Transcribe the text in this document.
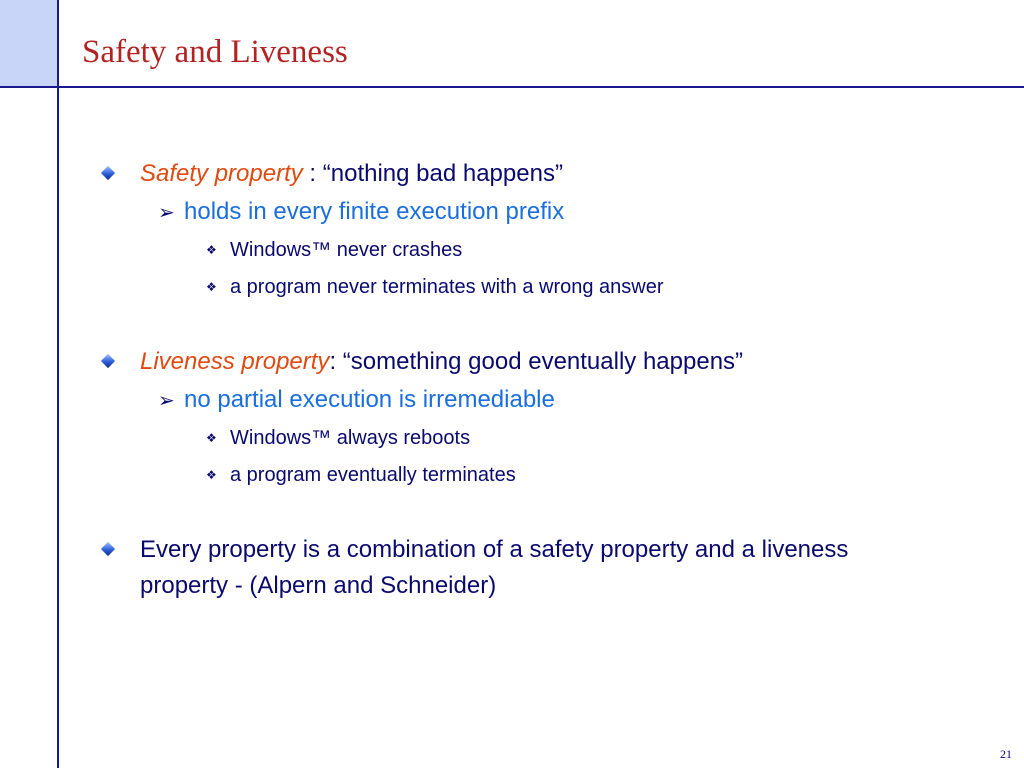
Safety and Liveness
Safety property : “nothing bad happens”
➢ holds in every finite execution prefix
❖ Windows™ never crashes
❖ a program never terminates with a wrong answer
Liveness property: “something good eventually happens”
➢ no partial execution is irremediable
❖ Windows™ always reboots
❖ a program eventually terminates
Every property is a combination of a safety property and a liveness property - (Alpern and Schneider)
21
